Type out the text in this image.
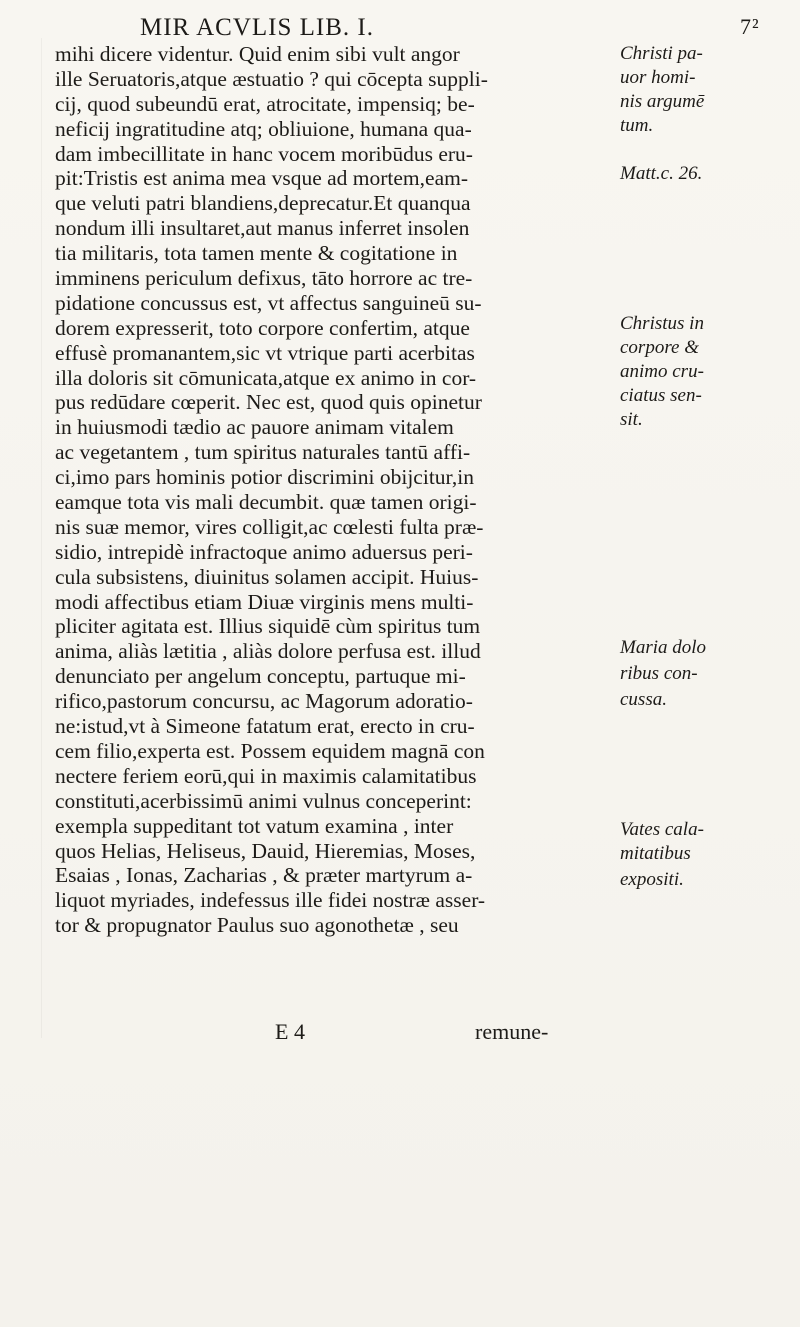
MIR ACVLIS LIB. I.	7²
mihi dicere videntur. Quid enim sibi vult angor
ille Seruatoris,atque æstuatio ? qui cōcepta suppli-
cij, quod subeundū erat, atrocitate, impensiq; be-
neficij ingratitudine atq; obliuione, humana qua-
dam imbecillitate in hanc vocem moribūdus eru-
pit:Tristis est anima mea vsque ad mortem,eam-
que veluti patri blandiens,deprecatur.Et quanqua
nondum illi insultaret,aut manus inferret insolen
tia militaris, tota tamen mente & cogitatione in
imminens periculum defixus, tāto horrore ac tre-
pidatione concussus est, vt affectus sanguineū su-
dorem expresserit, toto corpore confertim, atque
effusè promanantem,sic vt vtrique parti acerbitas
illa doloris sit cōmunicata,atque ex animo in cor-
pus redūdare cœperit. Nec est, quod quis opinetur
in huiusmodi tædio ac pauore animam vitalem
ac vegetantem , tum spiritus naturales tantū affi-
ci,imo pars hominis potior discrimini obijcitur,in
eamque tota vis mali decumbit. quæ tamen origi-
nis suæ memor, vires colligit,ac cœlesti fulta præ-
sidio, intrepidè infractoque animo aduersus peri-
cula subsistens, diuinitus solamen accipit. Huius-
modi affectibus etiam Diuæ virginis mens multi-
pliciter agitata est. Illius siquidē cùm spiritus tum
anima, aliàs lætitia , aliàs dolore perfusa est. illud
denunciato per angelum conceptu, partuque mi-
rifico,pastorum concursu, ac Magorum adoratio-
ne:istud,vt à Simeone fatatum erat, erecto in cru-
cem filio,experta est. Possem equidem magnā con
nectere feriem eorū,qui in maximis calamitatibus
constituti,acerbissimū animi vulnus conceperint:
exempla suppeditant tot vatum examina , inter
quos Helias, Heliseus, Dauid, Hieremias, Moses,
Esaias , Ionas, Zacharias , & præter martyrum a-
liquot myriades, indefessus ille fidei nostræ asser-
tor & propugnator Paulus suo agonothetæ , seu
Christi pa-
uor homi-
nis argumē
tum.
Matt.c. 26.
Christus in
corpore &
animo cru-
ciatus sen-
sit.
Maria dolo
ribus con-
cussa.
Vates cala-
mitatibus
expositi.
E 4	remune-
